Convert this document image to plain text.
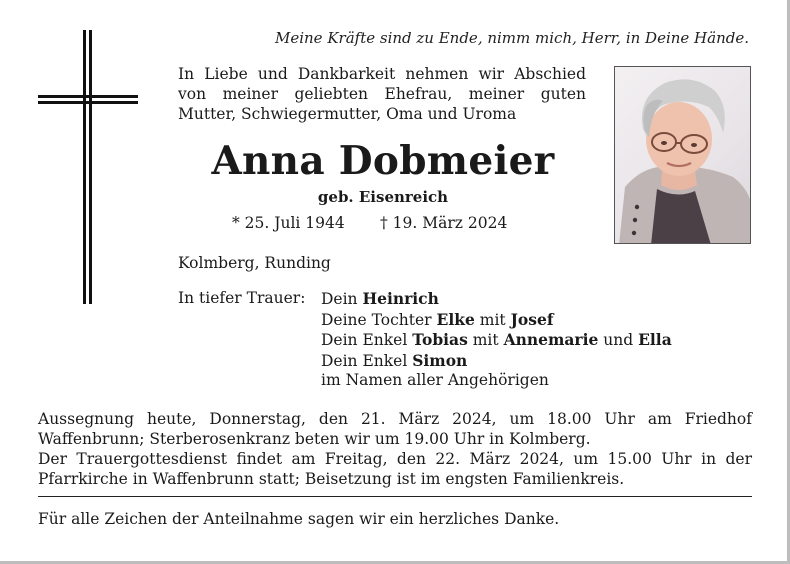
Meine Kräfte sind zu Ende, nimm mich, Herr, in Deine Hände.
In Liebe und Dankbarkeit nehmen wir Abschied
von meiner geliebten Ehefrau, meiner guten
Mutter, Schwiegermutter, Oma und Uroma
Anna Dobmeier
geb. Eisenreich
* 25. Juli 1944 † 19. März 2024
Kolmberg, Runding
In tiefer Trauer: Dein Heinrich
Deine Tochter Elke mit Josef
Dein Enkel Tobias mit Annemarie und Ella
Dein Enkel Simon
im Namen aller Angehörigen

Aussegnung heute, Donnerstag, den 21. März 2024, um 18.00 Uhr am Friedhof Waffenbrunn; Sterberosenkranz beten wir um 19.00 Uhr in Kolmberg.

Der Trauergottesdienst findet am Freitag, den 22. März 2024, um 15.00 Uhr in der Pfarrkirche in Waffenbrunn statt; Beisetzung ist im engsten Familienkreis.

Für alle Zeichen der Anteilnahme sagen wir ein herzliches Danke.
